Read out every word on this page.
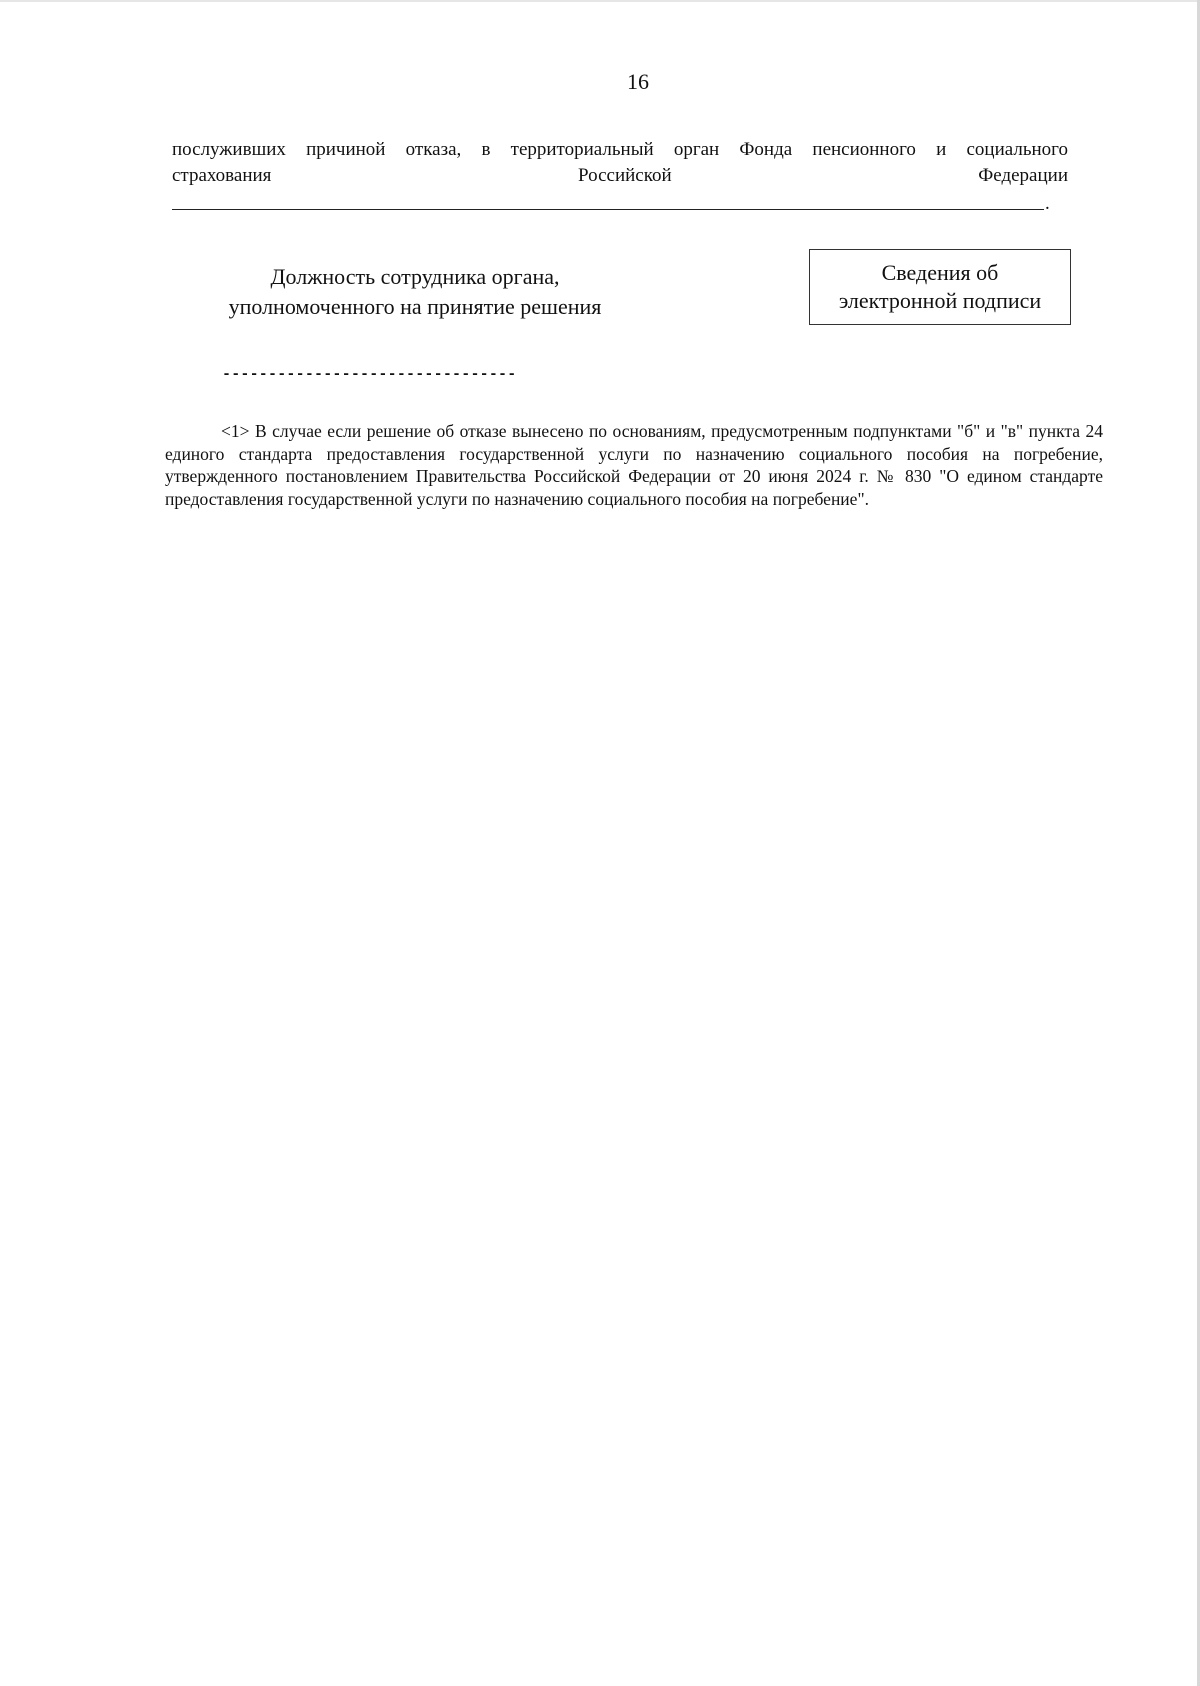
16
послуживших причиной отказа, в территориальный орган Фонда пенсионного и социального
страхования	Российской	Федерации
.
Должность сотрудника органа,
уполномоченного на принятие решения
Сведения об
электронной подписи
--------------------------------

<1> В случае если решение об отказе вынесено по основаниям, предусмотренным подпунктами "б" и "в" пункта 24 единого стандарта предоставления государственной услуги по назначению социального пособия на погребение, утвержденного постановлением Правительства Российской Федерации от 20 июня 2024 г. № 830 "О едином стандарте предоставления государственной услуги по назначению социального пособия на погребение".
